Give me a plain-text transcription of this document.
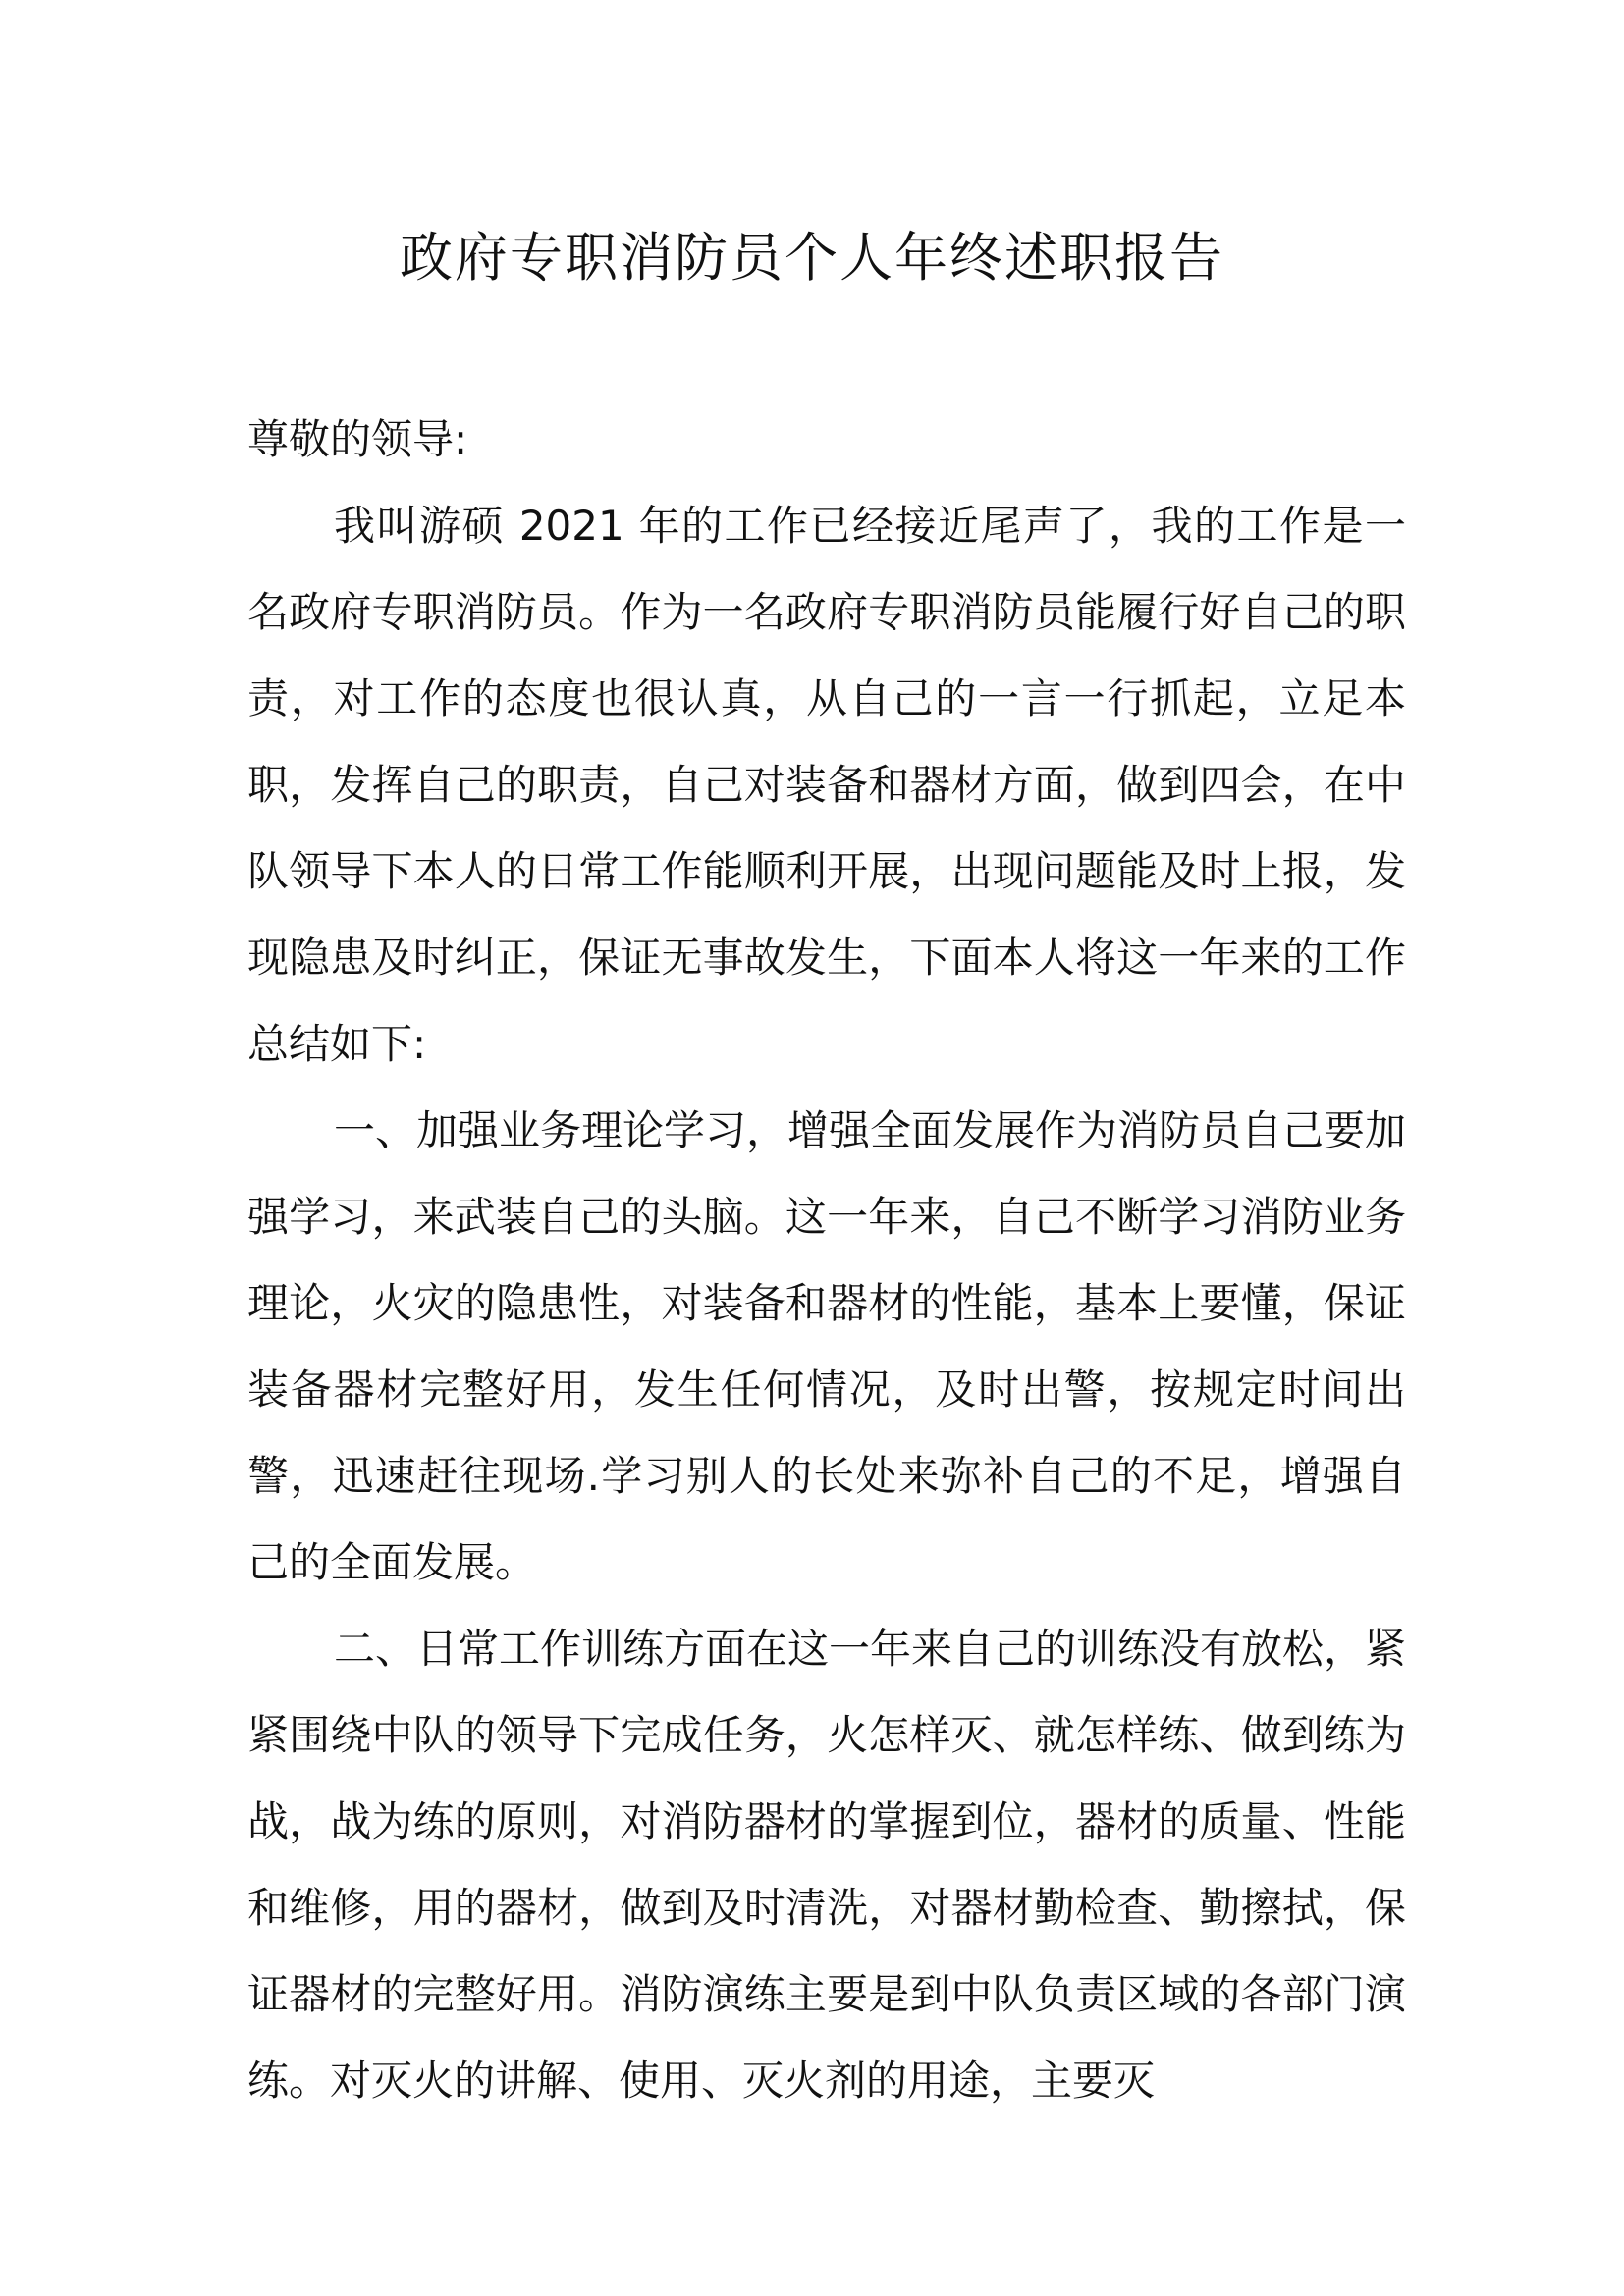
政府专职消防员个人年终述职报告

尊敬的领导:

我叫游硕 2021 年的工作已经接近尾声了，我的工作是一名政府专职消防员。作为一名政府专职消防员能履行好自己的职责，对工作的态度也很认真，从自己的一言一行抓起，立足本职，发挥自己的职责，自己对装备和器材方面，做到四会，在中队领导下本人的日常工作能顺利开展，出现问题能及时上报，发现隐患及时纠正，保证无事故发生，下面本人将这一年来的工作总结如下:

一、加强业务理论学习，增强全面发展作为消防员自己要加强学习，来武装自己的头脑。这一年来，自己不断学习消防业务理论，火灾的隐患性，对装备和器材的性能，基本上要懂，保证装备器材完整好用，发生任何情况，及时出警，按规定时间出警，迅速赶往现场.学习别人的长处来弥补自己的不足，增强自己的全面发展。

二、日常工作训练方面在这一年来自己的训练没有放松，紧紧围绕中队的领导下完成任务，火怎样灭、就怎样练、做到练为战，战为练的原则，对消防器材的掌握到位，器材的质量、性能和维修，用的器材，做到及时清洗，对器材勤检查、勤擦拭，保证器材的完整好用。消防演练主要是到中队负责区域的各部门演练。对灭火的讲解、使用、灭火剂的用途，主要灭
